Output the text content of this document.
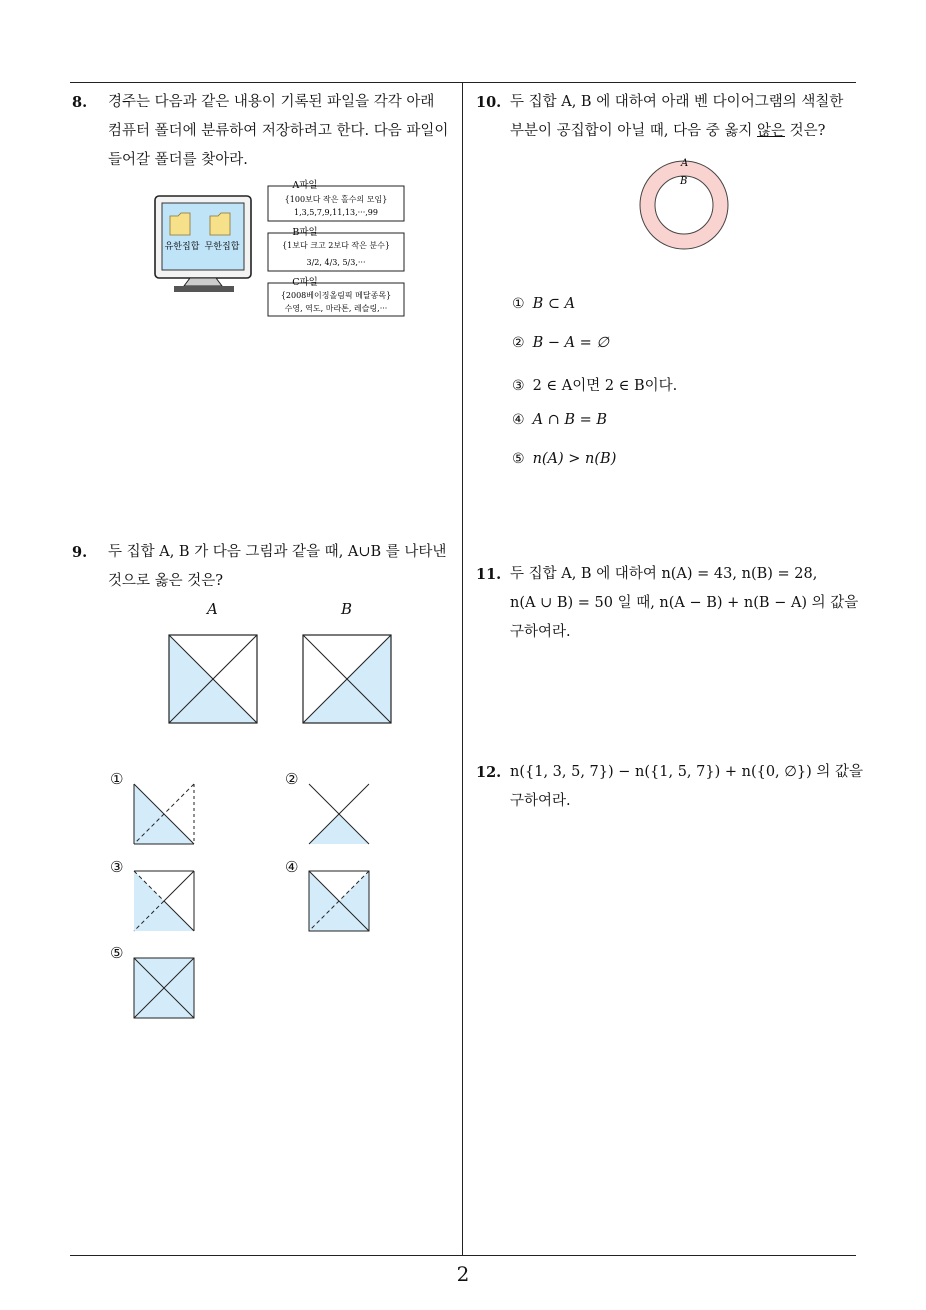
8. 경주는 다음과 같은 내용이 기록된 파일을 각각 아래
컴퓨터 폴더에 분류하여 저장하려고 한다. 다음 파일이
들어갈 폴더를 찾아라.
유한집합 무한집합
A파일
{100보다 작은 홀수의 모임}
1,3,5,7,9,11,13,···,99
B파일
{1보다 크고 2보다 작은 분수}
3/2, 4/3, 5/3,···
C파일
{2008베이징올림픽 메달종목}
수영, 역도, 마라톤, 레슬링,···
9. 두 집합 A, B 가 다음 그림과 같을 때, A∪B 를 나타낸
것으로 옳은 것은?
A	B
①	②
③	④
⑤
10. 두 집합 A, B 에 대하여 아래 벤 다이어그램의 색칠한
부분이 공집합이 아닐 때, 다음 중 옳지 않은 것은?
A
B
① B ⊂ A
② B − A = ∅
③ 2 ∈ A이면 2 ∈ B이다.
④ A ∩ B = B
⑤ n(A) > n(B)
11. 두 집합 A, B 에 대하여 n(A) = 43, n(B) = 28,
n(A ∪ B) = 50 일 때, n(A − B) + n(B − A) 의 값을
구하여라.
12. n({1, 3, 5, 7}) − n({1, 5, 7}) + n({0, ∅}) 의 값을
구하여라.
2
